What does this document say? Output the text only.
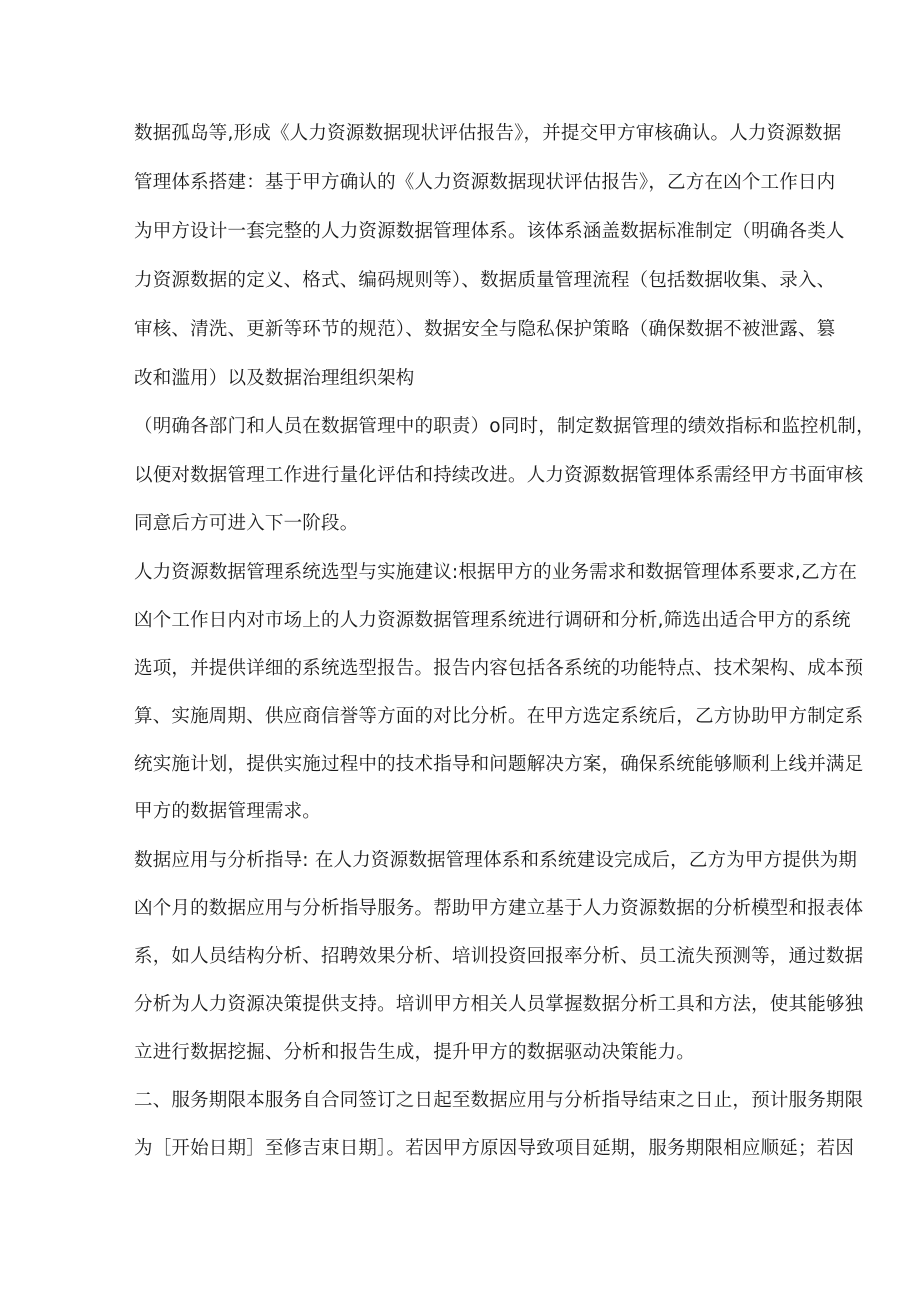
数据孤岛等,形成《人力资源数据现状评估报告》，并提交甲方审核确认。人力资源数据
管理体系搭建：基于甲方确认的《人力资源数据现状评估报告》，乙方在凶个工作日内
为甲方设计一套完整的人力资源数据管理体系。该体系涵盖数据标准制定（明确各类人
力资源数据的定义、格式、编码规则等）、数据质量管理流程（包括数据收集、录入、
审核、清洗、更新等环节的规范）、数据安全与隐私保护策略（确保数据不被泄露、篡
改和滥用）以及数据治理组织架构
（明确各部门和人员在数据管理中的职责）o同时，制定数据管理的绩效指标和监控机制，
以便对数据管理工作进行量化评估和持续改进。人力资源数据管理体系需经甲方书面审核
同意后方可进入下一阶段。
人力资源数据管理系统选型与实施建议:根据甲方的业务需求和数据管理体系要求,乙方在
凶个工作日内对市场上的人力资源数据管理系统进行调研和分析,筛选出适合甲方的系统
选项，并提供详细的系统选型报告。报告内容包括各系统的功能特点、技术架构、成本预
算、实施周期、供应商信誉等方面的对比分析。在甲方选定系统后，乙方协助甲方制定系
统实施计划，提供实施过程中的技术指导和问题解决方案，确保系统能够顺利上线并满足
甲方的数据管理需求。
数据应用与分析指导: 在人力资源数据管理体系和系统建设完成后，乙方为甲方提供为期
凶个月的数据应用与分析指导服务。帮助甲方建立基于人力资源数据的分析模型和报表体
系，如人员结构分析、招聘效果分析、培训投资回报率分析、员工流失预测等，通过数据
分析为人力资源决策提供支持。培训甲方相关人员掌握数据分析工具和方法，使其能够独
立进行数据挖掘、分析和报告生成，提升甲方的数据驱动决策能力。
二、服务期限本服务自合同签订之日起至数据应用与分析指导结束之日止，预计服务期限
为［开始日期］至修吉束日期］。若因甲方原因导致项目延期，服务期限相应顺延；若因
